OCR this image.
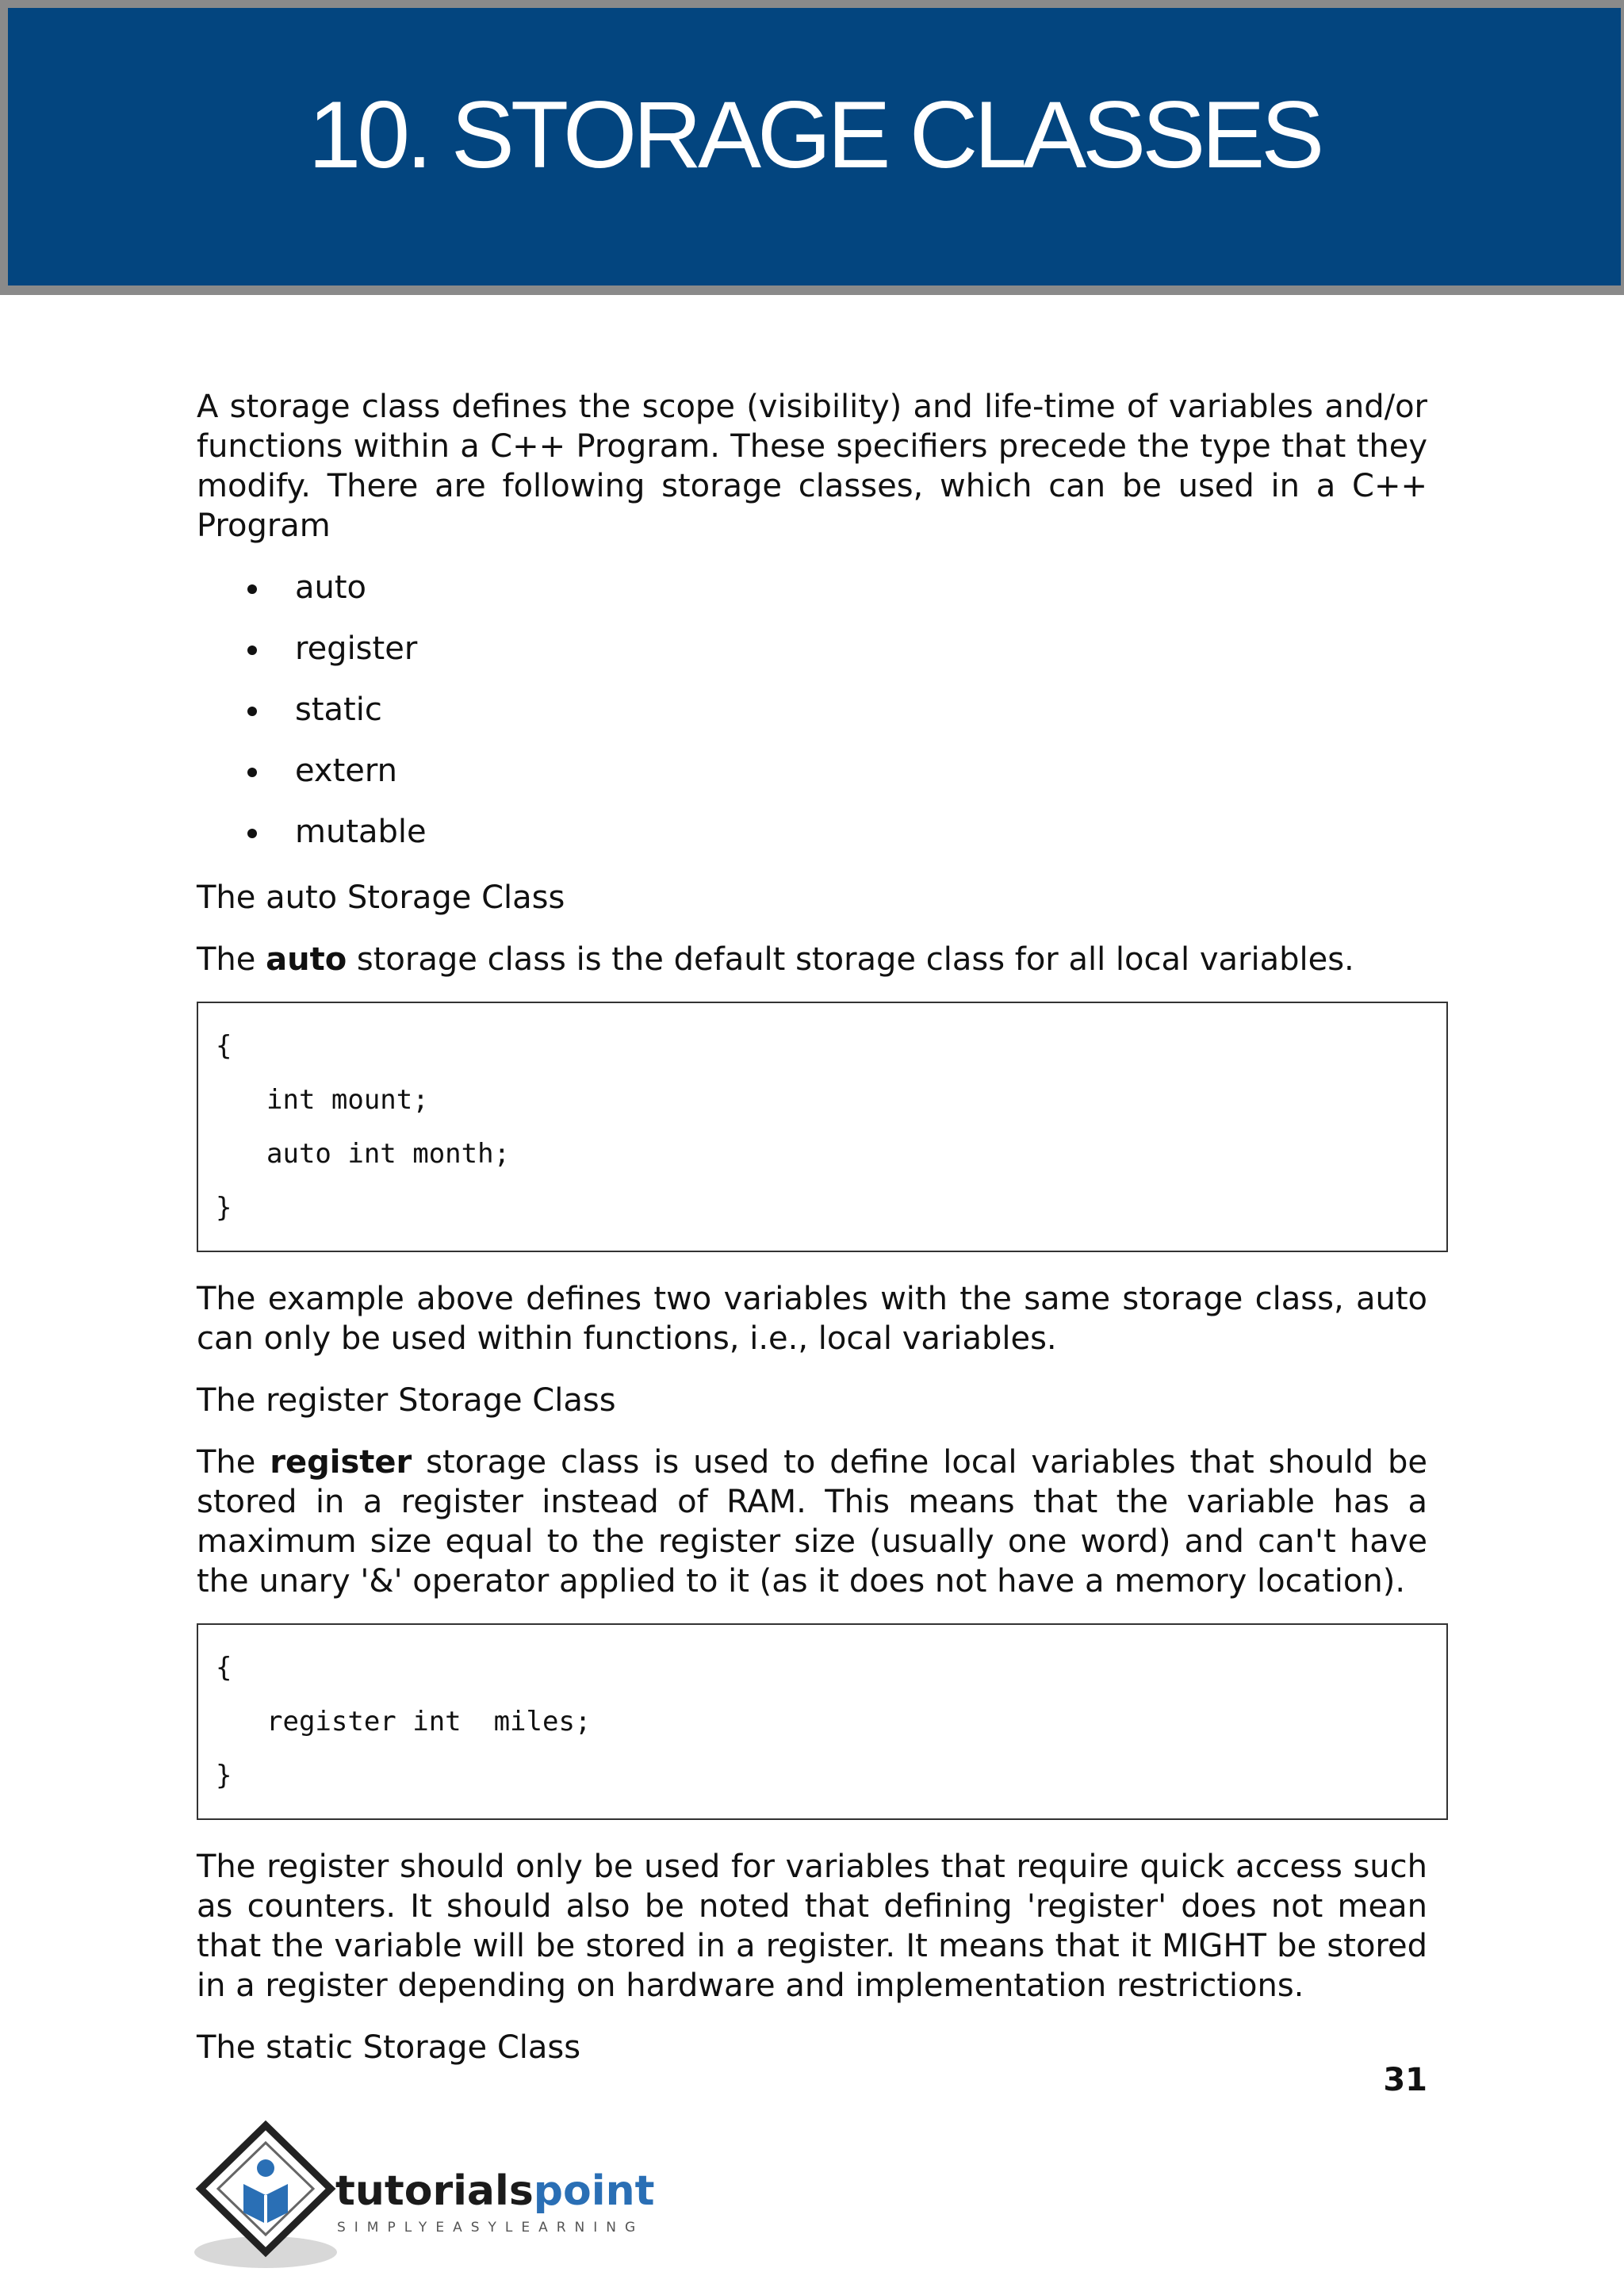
10. STORAGE CLASSES

A storage class defines the scope (visibility) and life-time of variables and/or functions within a C++ Program. These specifiers precede the type that they modify. There are following storage classes, which can be used in a C++ Program

auto
register
static
extern
mutable

The auto Storage Class

The auto storage class is the default storage class for all local variables.

{
int mount;
auto int month;
}

The example above defines two variables with the same storage class, auto can only be used within functions, i.e., local variables.

The register Storage Class

The register storage class is used to define local variables that should be stored in a register instead of RAM. This means that the variable has a maximum size equal to the register size (usually one word) and can't have the unary '&' operator applied to it (as it does not have a memory location).

{
register int  miles;
}

The register should only be used for variables that require quick access such as counters. It should also be noted that defining 'register' does not mean that the variable will be stored in a register. It means that it MIGHT be stored in a register depending on hardware and implementation restrictions.

The static Storage Class

31
tutorialspoint
SIMPLYEASYLEARNING
